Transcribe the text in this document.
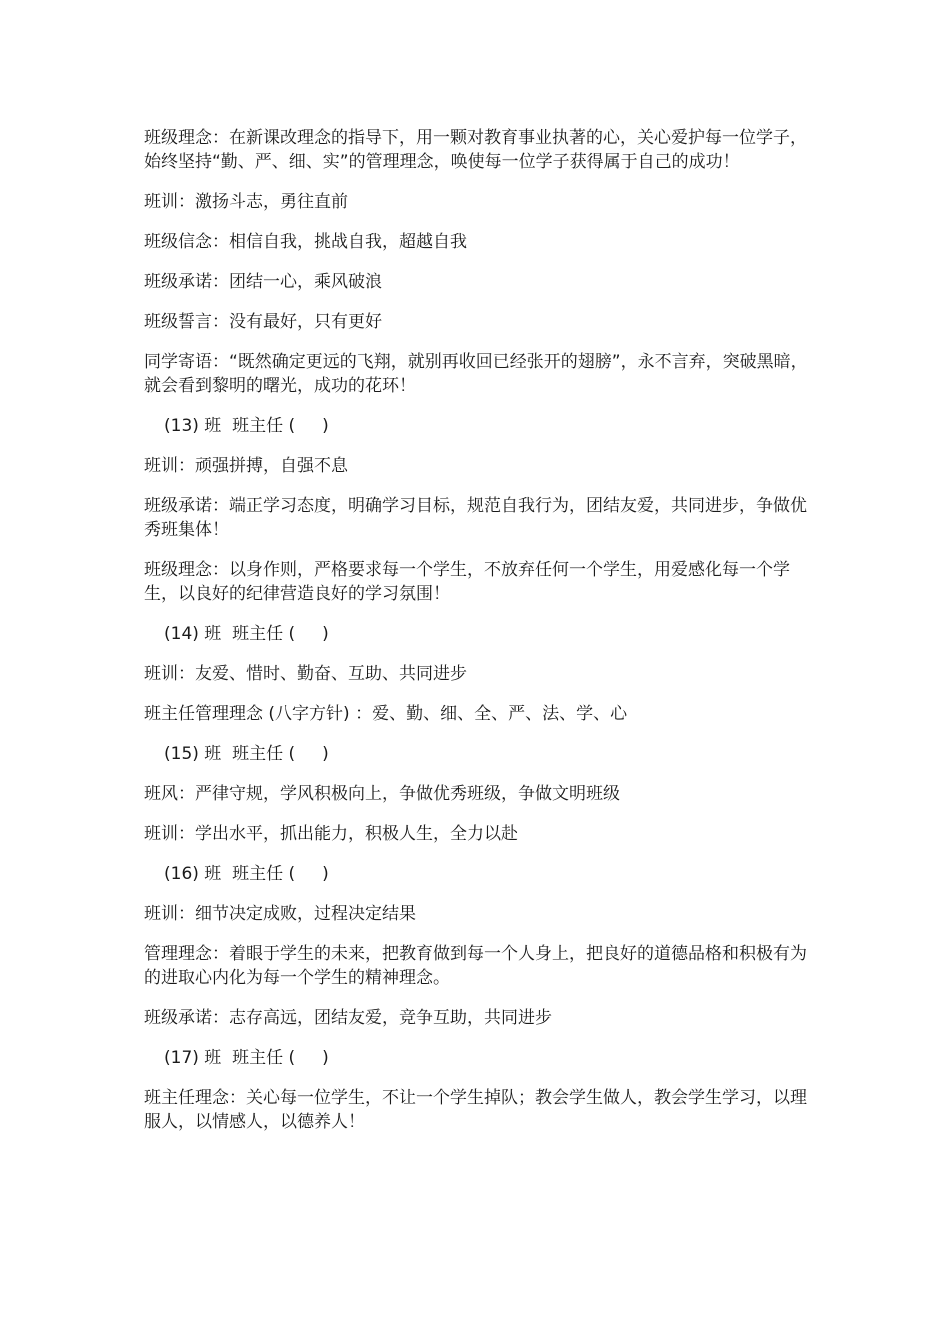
班级理念：在新课改理念的指导下，用一颗对教育事业执著的心，关心爱护每一位学子，始终坚持“勤、严、细、实”的管理理念，唤使每一位学子获得属于自己的成功！

班训：激扬斗志，勇往直前

班级信念：相信自我，挑战自我，超越自我

班级承诺：团结一心，乘风破浪

班级誓言：没有最好，只有更好

同学寄语：“既然确定更远的飞翔，就别再收回已经张开的翅膀”，永不言弃，突破黑暗，就会看到黎明的曙光，成功的花环！

(13) 班  班主任 (     )

班训：顽强拼搏，自强不息

班级承诺：端正学习态度，明确学习目标，规范自我行为，团结友爱，共同进步，争做优秀班集体！

班级理念：以身作则，严格要求每一个学生，不放弃任何一个学生，用爱感化每一个学生，以良好的纪律营造良好的学习氛围！

(14) 班  班主任 (     )

班训：友爱、惜时、勤奋、互助、共同进步

班主任管理理念 (八字方针) ：爱、勤、细、全、严、法、学、心

(15) 班  班主任 (     )

班风：严律守规，学风积极向上，争做优秀班级，争做文明班级

班训：学出水平，抓出能力，积极人生，全力以赴

(16) 班  班主任 (     )

班训：细节决定成败，过程决定结果

管理理念：着眼于学生的未来，把教育做到每一个人身上，把良好的道德品格和积极有为的进取心内化为每一个学生的精神理念。

班级承诺：志存高远，团结友爱，竞争互助，共同进步

(17) 班  班主任 (     )

班主任理念：关心每一位学生，不让一个学生掉队；教会学生做人，教会学生学习，以理服人，以情感人，以德养人！
